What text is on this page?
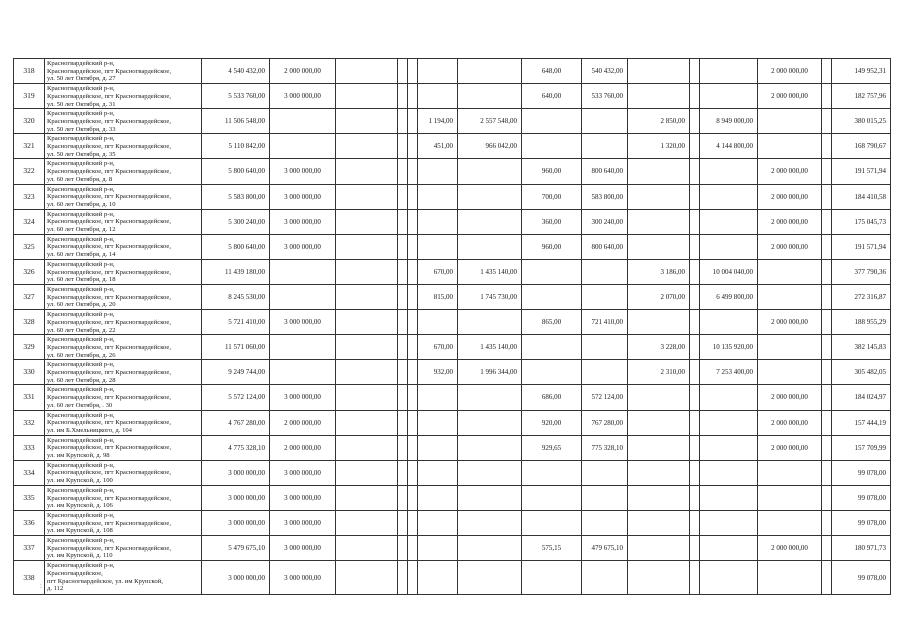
318	Красногвардейский р-н,
Красногвардейское, пгт Красногвардейское,
ул. 50 лет Октября, д. 27	4 540 432,00	2 000 000,00						648,00	540 432,00				2 000 000,00		149 952,31
319	Красногвардейский р-н,
Красногвардейское, пгт Красногвардейское,
ул. 50 лет Октября, д. 31	5 533 760,00	3 000 000,00						640,00	533 760,00				2 000 000,00		182 757,96
320	Красногвардейский р-н,
Красногвардейское, пгт Красногвардейское,
ул. 50 лет Октября, д. 33	11 506 548,00					1 194,00	2 557 548,00			2 850,00		8 949 000,00			380 015,25
321	Красногвардейский р-н,
Красногвардейское, пгт Красногвардейское,
ул. 50 лет Октября, д. 35	5 110 842,00					451,00	966 042,00			1 320,00		4 144 800,00			168 790,67
322	Красногвардейский р-н,
Красногвардейское, пгт Красногвардейское,
ул. 60 лет Октября, д. 8	5 800 640,00	3 000 000,00						960,00	800 640,00				2 000 000,00		191 571,94
323	Красногвардейский р-н,
Красногвардейское, пгт Красногвардейское,
ул. 60 лет Октября, д. 10	5 583 800,00	3 000 000,00						700,00	583 800,00				2 000 000,00		184 410,58
324	Красногвардейский р-н,
Красногвардейское, пгт Красногвардейское,
ул. 60 лет Октября, д. 12	5 300 240,00	3 000 000,00						360,00	300 240,00				2 000 000,00		175 045,73
325	Красногвардейский р-н,
Красногвардейское, пгт Красногвардейское,
ул. 60 лет Октября, д. 14	5 800 640,00	3 000 000,00						960,00	800 640,00				2 000 000,00		191 571,94
326	Красногвардейский р-н,
Красногвардейское, пгт Красногвардейское,
ул. 60 лет Октября, д. 18	11 439 180,00					670,00	1 435 140,00			3 186,00		10 004 040,00			377 790,36
327	Красногвардейский р-н,
Красногвардейское, пгт Красногвардейское,
ул. 60 лет Октября, д. 20	8 245 530,00					815,00	1 745 730,00			2 070,00		6 499 800,00			272 316,87
328	Красногвардейский р-н,
Красногвардейское, пгт Красногвардейское,
ул. 60 лет Октября, д. 22	5 721 410,00	3 000 000,00						865,00	721 410,00				2 000 000,00		188 955,29
329	Красногвардейский р-н,
Красногвардейское, пгт Красногвардейское,
ул. 60 лет Октября, д. 26	11 571 060,00					670,00	1 435 140,00			3 228,00		10 135 920,00			382 145,83
330	Красногвардейский р-н,
Красногвардейское, пгт Красногвардейское,
ул. 60 лет Октября, д. 28	9 249 744,00					932,00	1 996 344,00			2 310,00		7 253 400,00			305 482,05
331	Красногвардейский р-н,
Красногвардейское, пгт Красногвардейское,
ул. 60 лет Октября, . 30	5 572 124,00	3 000 000,00						686,00	572 124,00				2 000 000,00		184 024,97
332	Красногвардейский р-н,
Красногвардейское, пгт Красногвардейское,
ул. им Б.Хмельницкого, д. 104	4 767 280,00	2 000 000,00						920,00	767 280,00				2 000 000,00		157 444,19
333	Красногвардейский р-н,
Красногвардейское, пгт Красногвардейское,
ул. им Крупской, д. 98	4 775 328,10	2 000 000,00						929,65	775 328,10				2 000 000,00		157 709,99
334	Красногвардейский р-н,
Красногвардейское, пгт Красногвардейское,
ул. им Крупской, д. 100	3 000 000,00	3 000 000,00													99 078,00
335	Красногвардейский р-н,
Красногвардейское, пгт Красногвардейское,
ул. им Крупской, д. 106	3 000 000,00	3 000 000,00													99 078,00
336	Красногвардейский р-н,
Красногвардейское, пгт Красногвардейское,
ул. им Крупской, д. 108	3 000 000,00	3 000 000,00													99 078,00
337	Красногвардейский р-н,
Красногвардейское, пгт Красногвардейское,
ул. им Крупской, д. 110	5 479 675,10	3 000 000,00						575,15	479 675,10				2 000 000,00		180 971,73
338	Красногвардейский р-н,
Красногвардейское,
пгт Красногвардейское, ул. им Крупской,
д. 112	3 000 000,00	3 000 000,00													99 078,00
:
